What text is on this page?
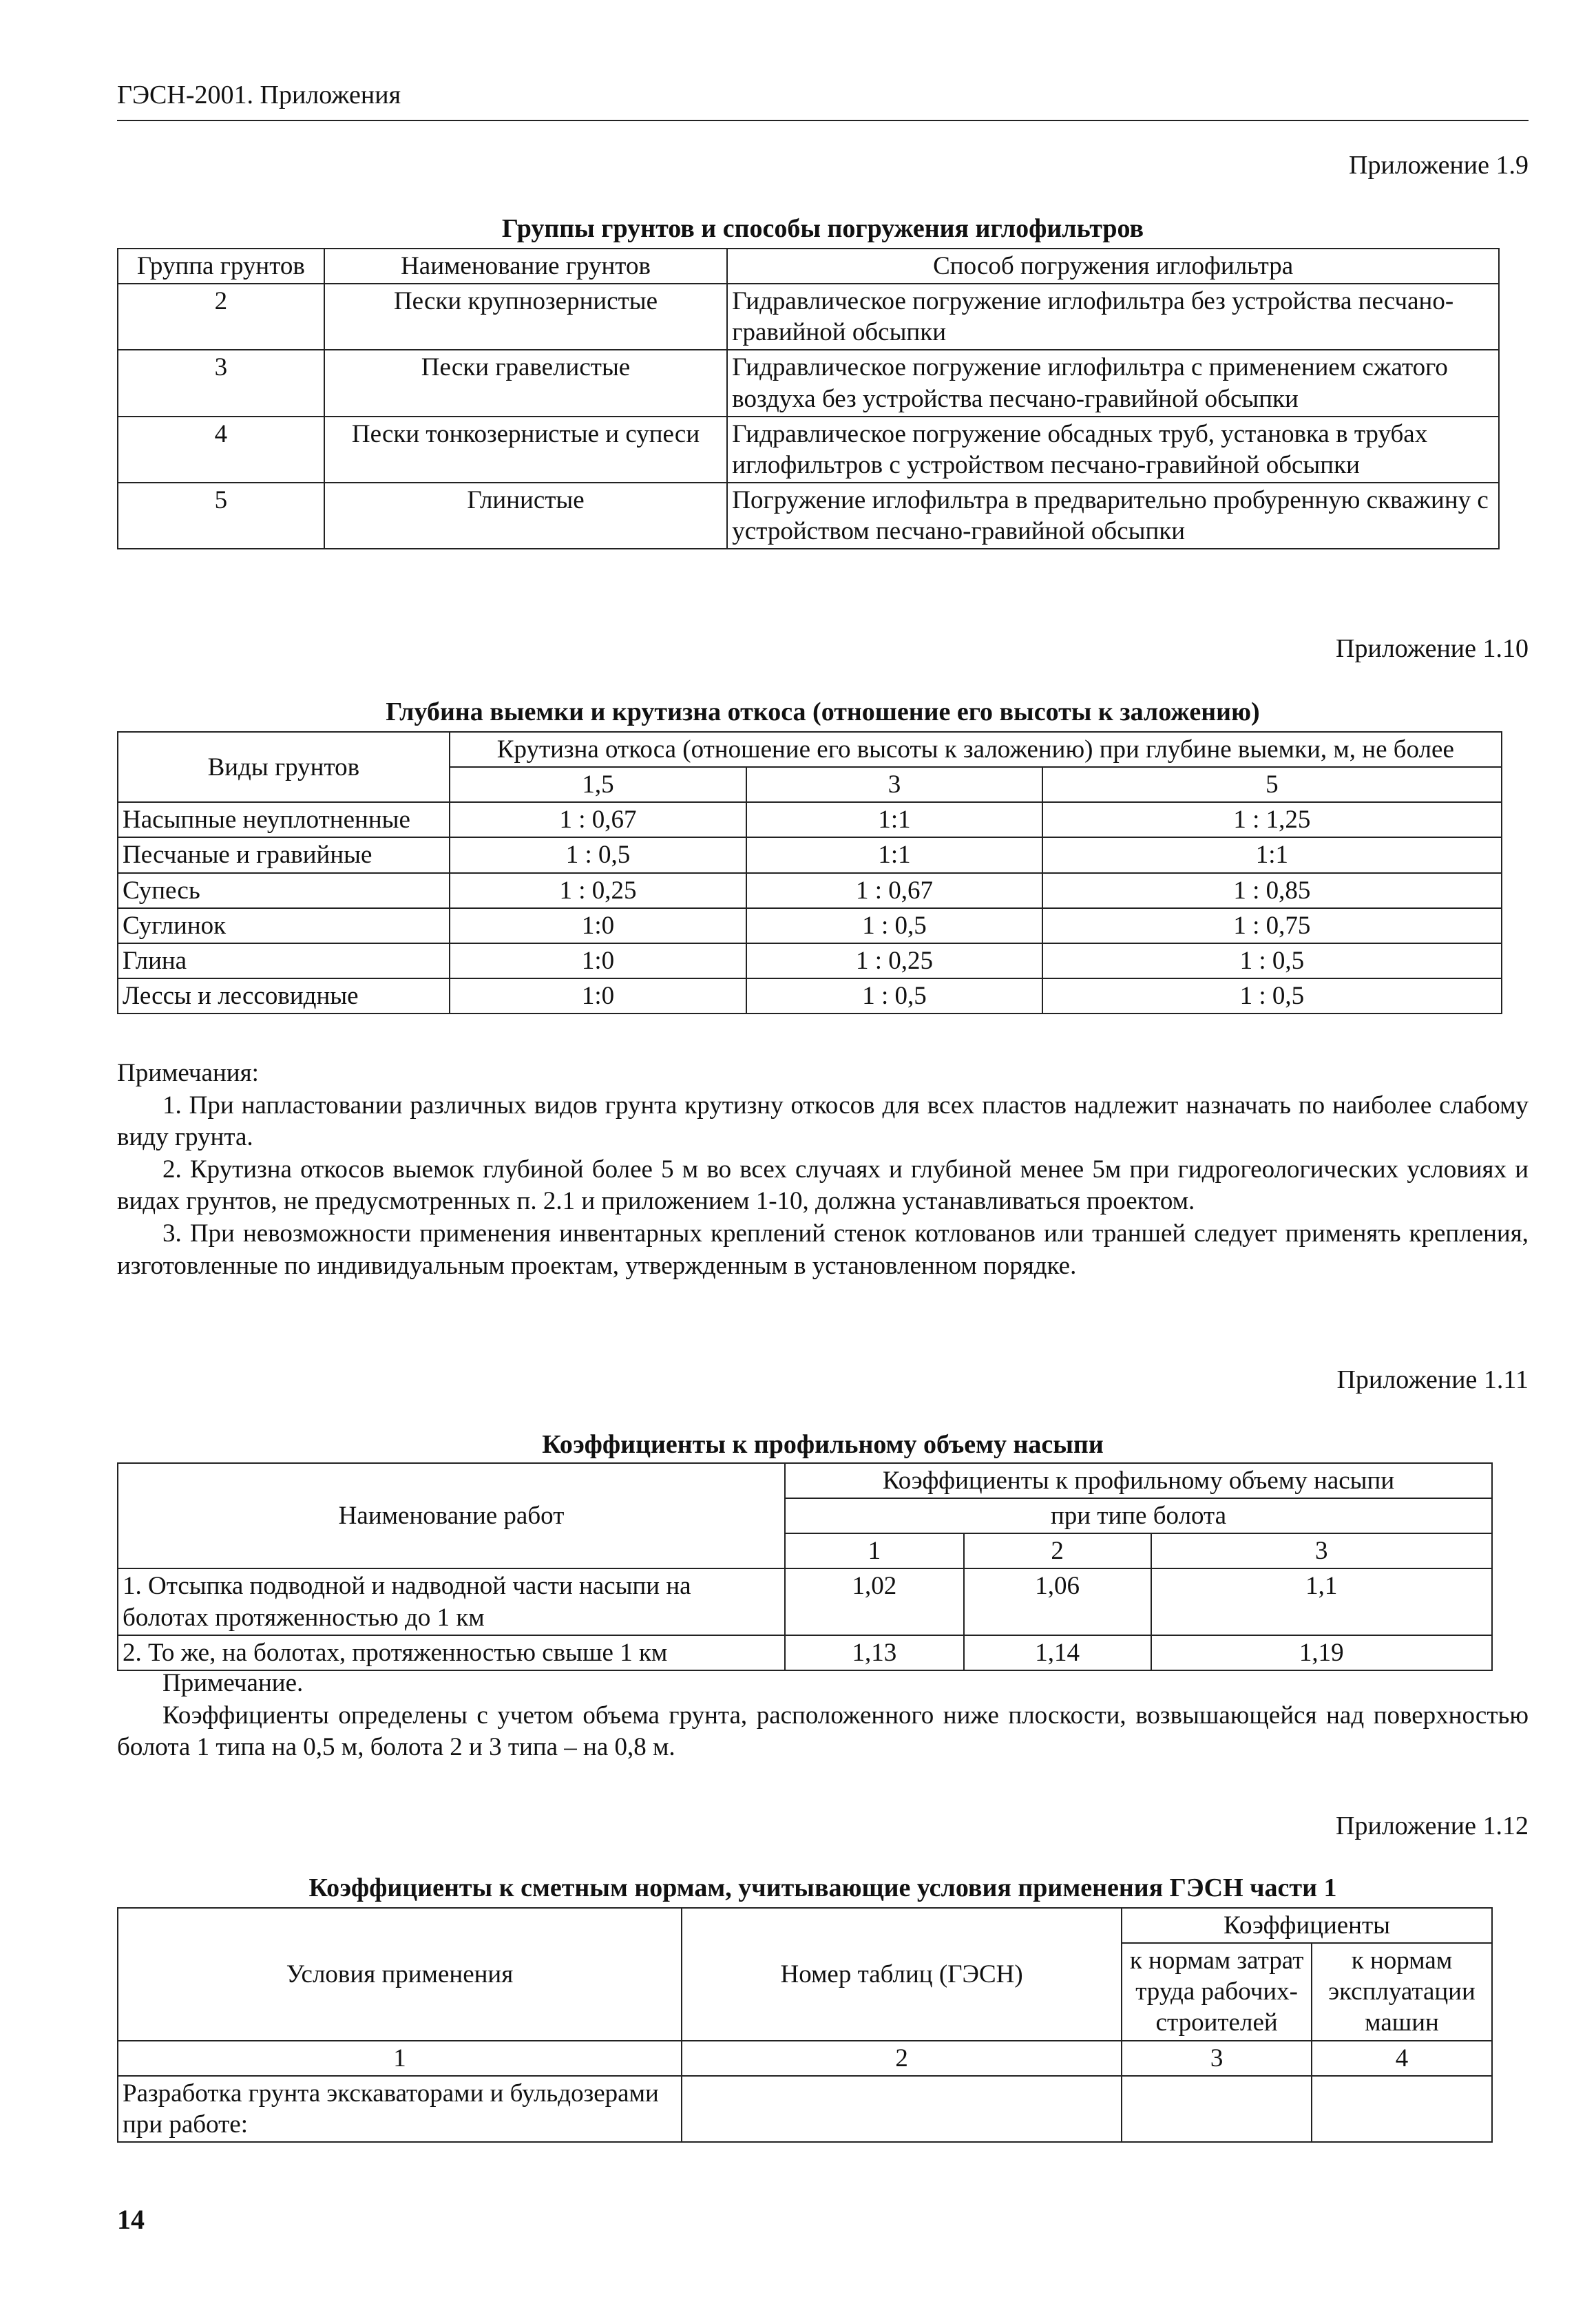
ГЭСН-2001. Приложения
Приложение 1.9
Группы грунтов и способы погружения иглофильтров
Группа грунтов	Наименование грунтов	Способ погружения иглофильтра
2	Пески крупнозернистые	Гидравлическое погружение иглофильтра без устройства песчано-гравийной обсыпки
3	Пески гравелистые	Гидравлическое погружение иглофильтра с применением сжатого воздуха без устройства песчано-гравийной обсыпки
4	Пески тонкозернистые и супеси	Гидравлическое погружение обсадных труб, установка в трубах иглофильтров с устройством песчано-гравийной обсыпки
5	Глинистые	Погружение иглофильтра в предварительно пробуренную скважину с устройством песчано-гравийной обсыпки
Приложение 1.10
Глубина выемки и крутизна откоса (отношение его высоты к заложению)
Виды грунтов	Крутизна откоса (отношение его высоты к заложению) при глубине выемки, м, не более		
	1,5	3	5
Насыпные неуплотненные	1 : 0,67	1:1	1 : 1,25
Песчаные и гравийные	1 : 0,5	1:1	1:1
Супесь	1 : 0,25	1 : 0,67	1 : 0,85
Суглинок	1:0	1 : 0,5	1 : 0,75
Глина	1:0	1 : 0,25	1 : 0,5
Лессы и лессовидные	1:0	1 : 0,5	1 : 0,5

Примечания:

1. При напластовании различных видов грунта крутизну откосов для всех пластов надлежит назначать по наиболее слабому виду грунта.

2. Крутизна откосов выемок глубиной более 5 м во всех случаях и глубиной менее 5м при гидрогеологических условиях и видах грунтов, не предусмотренных п. 2.1 и приложением 1-10, должна устанавливаться проектом.

3. При невозможности применения инвентарных креплений стенок котлованов или траншей следует применять крепления, изготовленные по индивидуальным проектам, утвержденным в установленном порядке.

Приложение 1.11
Коэффициенты к профильному объему насыпи
Наименование работ	Коэффициенты к профильному объему насыпи		
	при типе болота		
	1	2	3
1. Отсыпка подводной и надводной части насыпи на болотах протяженностью до 1 км	1,02	1,06	1,1
2. То же, на болотах, протяженностью свыше 1 км	1,13	1,14	1,19

Примечание.

Коэффициенты определены с учетом объема грунта, расположенного ниже плоскости, возвышающейся над поверхностью болота 1 типа на 0,5 м, болота 2 и 3 типа – на 0,8 м.

Приложение 1.12
Коэффициенты к сметным нормам, учитывающие условия применения ГЭСН части 1
Условия применения	Номер таблиц (ГЭСН)	Коэффициенты	
		к нормам затрат труда рабочих-строителей	к нормам эксплуатации машин
1	2	3	4
Разработка грунта экскаваторами и бульдозерами при работе:			
14
